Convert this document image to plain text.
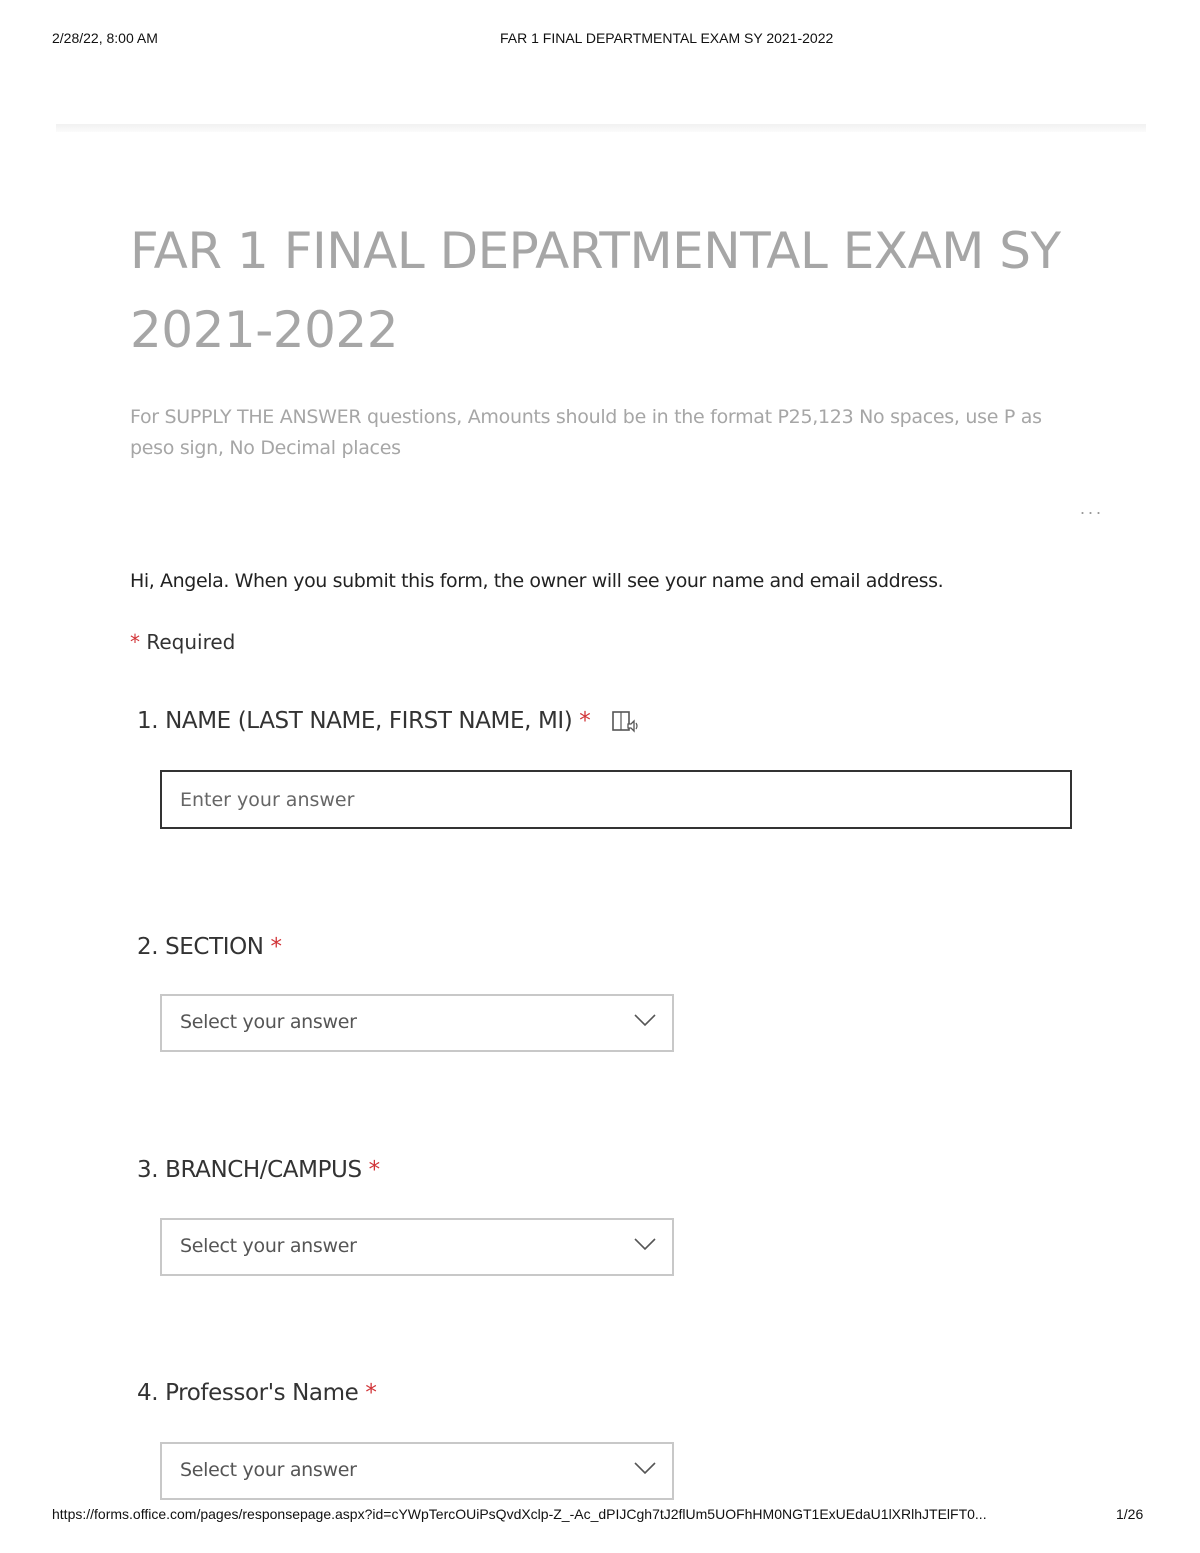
2/28/22, 8:00 AM	FAR 1 FINAL DEPARTMENTAL EXAM SY 2021-2022
FAR 1 FINAL DEPARTMENTAL EXAM SY 2021-2022
For SUPPLY THE ANSWER questions, Amounts should be in the format P25,123 No spaces, use P as peso sign, No Decimal places
...
Hi, Angela. When you submit this form, the owner will see your name and email address.
* Required
1. NAME (LAST NAME, FIRST NAME, MI) *
Enter your answer
2. SECTION *
Select your answer
3. BRANCH/CAMPUS *
Select your answer
4. Professor's Name *
Select your answer
https://forms.office.com/pages/responsepage.aspx?id=cYWpTercOUiPsQvdXclp-Z_-Ac_dPIJCgh7tJ2flUm5UOFhHM0NGT1ExUEdaU1lXRlhJTElFT0...	1/26
